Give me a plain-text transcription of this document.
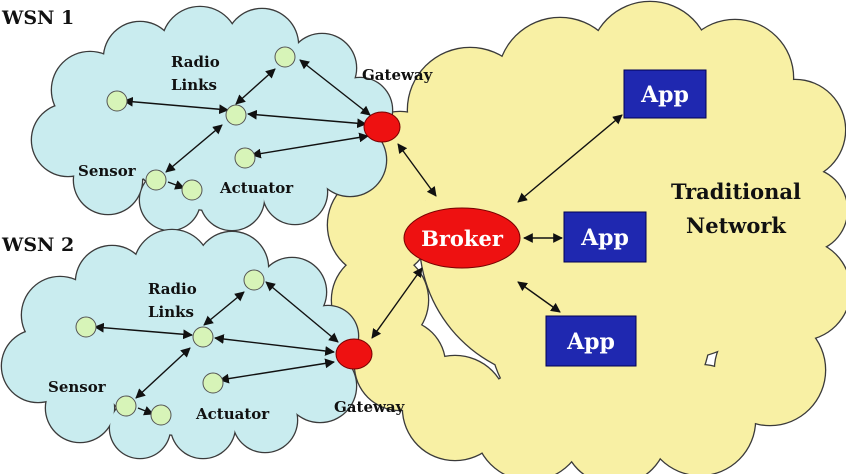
Broker
App
App
App
WSN 1
Radio
Links
Sensor
Actuator
Gateway
WSN 2
Radio
Links
Sensor
Actuator	Gateway
Traditional
Network
